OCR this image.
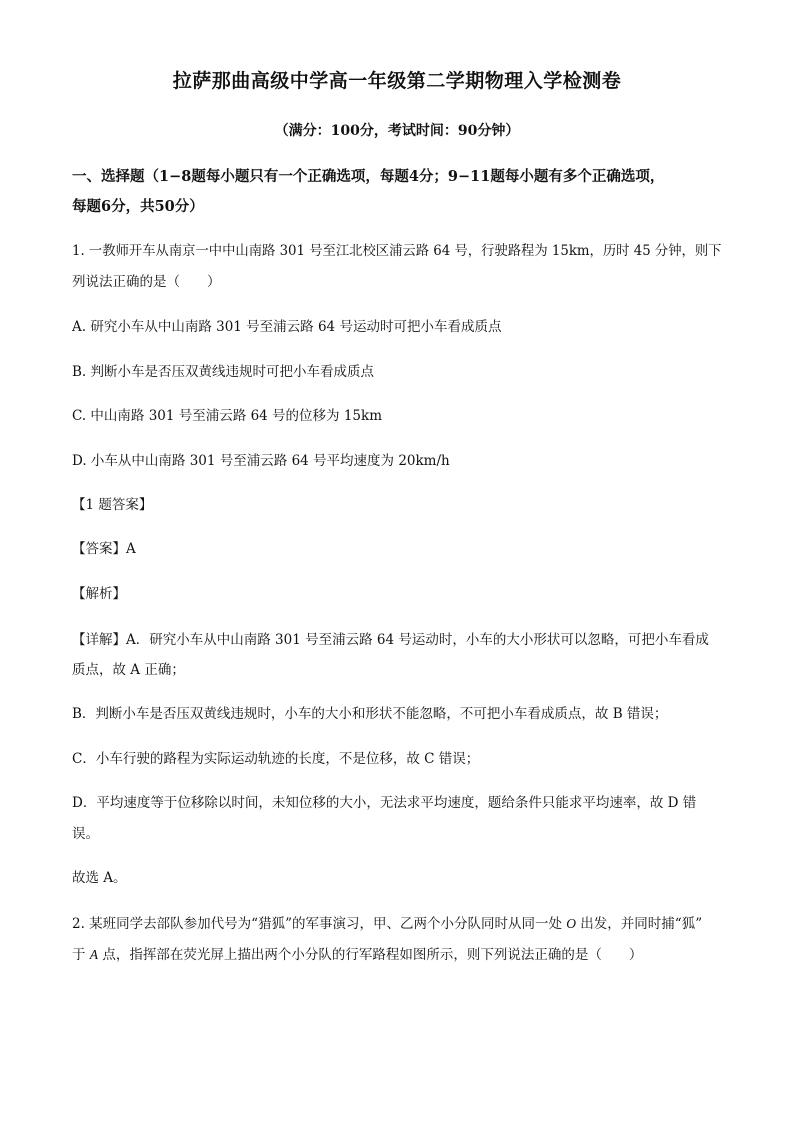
拉萨那曲高级中学高一年级第二学期物理入学检测卷
（满分：100分，考试时间：90分钟）
一、选择题（1−8题每小题只有一个正确选项，每题4分；9−11题每小题有多个正确选项，
每题6分，共50分）
1. 一教师开车从南京一中中山南路 301 号至江北校区浦云路 64 号，行驶路程为 15km，历时 45 分钟，则下
列说法正确的是（　　）
A. 研究小车从中山南路 301 号至浦云路 64 号运动时可把小车看成质点
B. 判断小车是否压双黄线违规时可把小车看成质点
C. 中山南路 301 号至浦云路 64 号的位移为 15km
D. 小车从中山南路 301 号至浦云路 64 号平均速度为 20km/h
【1 题答案】
【答案】A
【解析】
【详解】A．研究小车从中山南路 301 号至浦云路 64 号运动时，小车的大小形状可以忽略，可把小车看成
质点，故 A 正确；
B．判断小车是否压双黄线违规时，小车的大小和形状不能忽略，不可把小车看成质点，故 B 错误；
C．小车行驶的路程为实际运动轨迹的长度，不是位移，故 C 错误；
D．平均速度等于位移除以时间，未知位移的大小，无法求平均速度，题给条件只能求平均速率，故 D 错
误。
故选 A。
2. 某班同学去部队参加代号为“猎狐”的军事演习，甲、乙两个小分队同时从同一处 O 出发，并同时捕“狐”
于 A 点，指挥部在荧光屏上描出两个小分队的行军路程如图所示，则下列说法正确的是（　　）
